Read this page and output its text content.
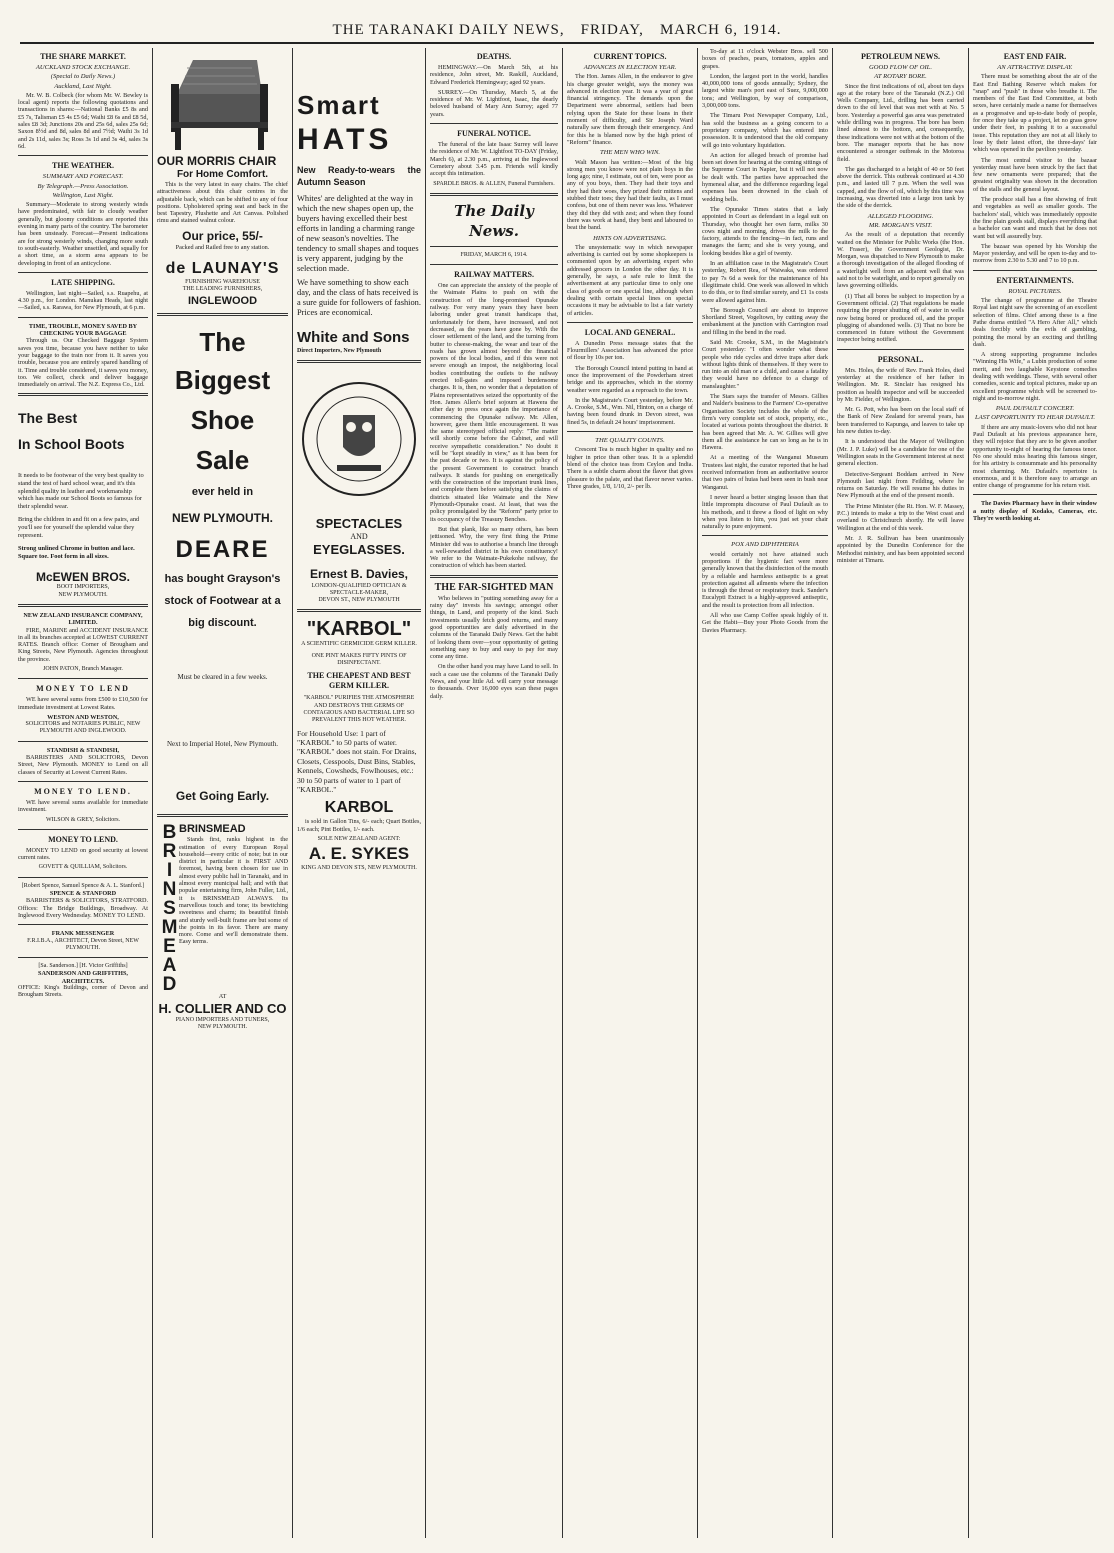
THE TARANAKI DAILY NEWS, FRIDAY, MARCH 6, 1914.
THE SHARE MARKET.
AUCKLAND STOCK EXCHANGE.
(Special to Daily News.)
Auckland, Last Night.

Mr. W. B. Colbeck (for whom Mr. W. Bewley is local agent) reports the following quotations and transactions in shares:—National Banks £5 8s and £5 7s, Talisman £5 4s £5 6d; Waihi £8 6s and £8 5d, sales £8 3d; Junctions 20s and 25s 6d, sales 25s 6d; Saxon 8½d and 8d, sales 8d and 7½d; Waihi 3s 1d and 2s 11d, sales 3s; Ross 3s 1d and 3s 4d, sales 3s 6d.

THE WEATHER.
SUMMARY AND FORECAST.
By Telegraph.—Press Association.
Wellington, Last Night.

Summary—Moderate to strong westerly winds have predominated, with fair to cloudy weather generally, but gloomy conditions are reported this evening in many parts of the country. The barometer has been unsteady. Forecast—Present indications are for strong westerly winds, changing more south to south-easterly. Weather unsettled, and squally for a short time, as a storm area appears to be developing in front of an anticyclone.

LATE SHIPPING.

Wellington, last night—Sailed, s.s. Ruapehu, at 4.30 p.m., for London. Manukau Heads, last night—Sailed, s.s. Rarawa, for New Plymouth, at 6 p.m.

TIME, TROUBLE, MONEY SAVED BY CHECKING YOUR BAGGAGE

Through us. Our Checked Baggage System saves you time, because you have neither to take your baggage to the train nor from it. It saves you trouble, because you are entirely spared handling of it. Time and trouble considered, it saves you money, too. We collect, check and deliver baggage immediately on arrival. The N.Z. Express Co., Ltd.

The Best
In School Boots

It needs to be footwear of the very best quality to stand the test of hard school wear, and it's this splendid quality in leather and workmanship which has made our School Boots so famous for their splendid wear.

Bring the children in and fit on a few pairs, and you'll see for yourself the splendid value they represent.

Strong unlined Chrome in button and lace. Square toe. Foot form in all sizes.

McEWEN BROS.
BOOT IMPORTERS,
NEW PLYMOUTH.
NEW ZEALAND INSURANCE COMPANY, LIMITED.

FIRE, MARINE and ACCIDENT INSURANCE in all its branches accepted at LOWEST CURRENT RATES. Branch office: Corner of Brougham and King Streets, New Plymouth. Agencies throughout the province.

JOHN PATON, Branch Manager.
MONEY TO LEND

WE have several sums from £500 to £10,500 for immediate investment at Lowest Rates.

WESTON AND WESTON,
SOLICITORS and NOTARIES PUBLIC, NEW PLYMOUTH AND INGLEWOOD.
STANDISH & STANDISH,

BARRISTERS AND SOLICITORS, Devon Street, New Plymouth. MONEY to Lend on all classes of Security at Lowest Current Rates.

MONEY TO LEND.

WE have several sums available for immediate investment.

WILSON & GREY, Solicitors.
MONEY TO LEND.

MONEY TO LEND on good security at lowest current rates.

GOVETT & QUILLIAM, Solicitors.
[Robert Spence, Samuel Spence & A. L. Stanford.]
SPENCE & STANFORD

BARRISTERS & SOLICITORS, STRATFORD. Offices: The Bridge Buildings, Broadway. At Inglewood Every Wednesday. MONEY TO LEND.

FRANK MESSENGER
F.R.I.B.A., ARCHITECT, Devon Street, NEW PLYMOUTH.
[Sa. Sanderson.] [H. Victor Griffiths]
SANDERSON AND GRIFFITHS, ARCHITECTS.
OFFICE: King's Buildings, corner of Devon and Brougham Streets.
OUR MORRIS CHAIR
For Home Comfort.

This is the very latest in easy chairs. The chief attractiveness about this chair centres in the adjustable back, which can be shifted to any of four positions. Upholstered spring seat and back in the best Tapestry, Plushette and Art Canvas. Polished rimu and stained walnut colour.

Our price, 55/-
Packed and Railed free to any station.
de LAUNAY'S
FURNISHING WAREHOUSE
THE LEADING FURNISHERS,
INGLEWOOD
The
Biggest
Shoe
Sale
ever held in
NEW PLYMOUTH.
DEARE
has bought Grayson's stock of Footwear at a big discount.
Must be cleared in a few weeks.
Next to Imperial Hotel, New Plymouth.
Get Going Early.
BRINSMEAD BRINSMEAD

Stands first, ranks highest in the estimation of every European Royal household—every critic of note; but in our district in particular it is FIRST AND foremost, having been chosen for use in almost every public hall in Taranaki, and in almost every municipal hall; and with that popular entertaining firm, John Fuller, Ltd., it is BRINSMEAD ALWAYS. Its marvellous touch and tone; its bewitching sweetness and charm; its beautiful finish and sturdy well-built frame are but some of the points in its favor. There are many more. Come and we'll demonstrate them. Easy terms.

AT
H. COLLIER AND CO
PIANO IMPORTERS AND TUNERS,
NEW PLYMOUTH.
Smart
HATS
New Ready-to-wears the Autumn Season

Whites' are delighted at the way in which the new shapes open up, the buyers having excelled their best efforts in landing a charming range of new season's novelties. The tendency to small shapes and toques is very apparent, judging by the selection made.

We have something to show each day, and the class of hats received is a sure guide for followers of fashion. Prices are economical.

White and Sons
Direct Importers, New Plymouth
SPECTACLES
AND
EYEGLASSES.
Ernest B. Davies,
LONDON-QUALIFIED OPTICIAN & SPECTACLE-MAKER,
DEVON ST., NEW PLYMOUTH
"KARBOL"
A SCIENTIFIC GERMICIDE GERM KILLER.
ONE PINT MAKES FIFTY PINTS OF DISINFECTANT.
THE CHEAPEST AND BEST GERM KILLER.
"KARBOL" PURIFIES THE ATMOSPHERE AND DESTROYS THE GERMS OF CONTAGIOUS AND BACTERIAL LIFE SO PREVALENT THIS HOT WEATHER.

For Household Use: 1 part of "KARBOL" to 50 parts of water. "KARBOL" does not stain. For Drains, Closets, Cesspools, Dust Bins, Stables, Kennels, Cowsheds, Fowlhouses, etc.: 30 to 50 parts of water to 1 part of "KARBOL."

KARBOL

is sold in Gallon Tins, 6/- each; Quart Bottles, 1/6 each; Pint Bottles, 1/- each.

SOLE NEW ZEALAND AGENT:
A. E. SYKES
KING AND DEVON STS, NEW PLYMOUTH.
DEATHS.

HEMINGWAY.—On March 5th, at his residence, John street, Mr. Raskill, Auckland, Edward Frederick Hemingway; aged 92 years.

SURREY.—On Thursday, March 5, at the residence of Mr. W. Lightfoot, Isaac, the dearly beloved husband of Mary Ann Surrey; aged 77 years.

FUNERAL NOTICE.

The funeral of the late Isaac Surrey will leave the residence of Mr. W. Lightfoot TO-DAY (Friday, March 6), at 2.30 p.m., arriving at the Inglewood Cemetery about 3.45 p.m. Friends will kindly accept this intimation.

SPARDLE BROS. & ALLEN, Funeral Furnishers.
The Daily News.
FRIDAY, MARCH 6, 1914.
RAILWAY MATTERS.

One can appreciate the anxiety of the people of the Waimate Plains to push on with the construction of the long-promised Opunake railway. For very many years they have been laboring under great transit handicaps that, unfortunately for them, have increased, and not decreased, as the years have gone by. With the closer settlement of the land, and the turning from butter to cheese-making, the wear and tear of the roads has grown almost beyond the financial powers of the local bodies, and if this were not severe enough an impost, the neighboring local bodies contributing the outlets to the railway erected toll-gates and imposed burdensome charges. It is, then, no wonder that a deputation of Plains representatives seized the opportunity of the Hon. James Allen's brief sojourn at Hawera the other day to press once again the importance of commencing the Opunake railway. Mr. Allen, however, gave them little encouragement. It was the same stereotyped official reply: "The matter will shortly come before the Cabinet, and will receive sympathetic consideration." No doubt it will be "kept steadily in view," as it has been for the past decade or two. It is against the policy of the present Government to construct branch railways. It stands for pushing on energetically with the construction of the important trunk lines, and complete them before satisfying the claims of districts situated like Waimate and the New Plymouth-Opunake coast. At least, that was the policy promulgated by the "Reform" party prior to its occupancy of the Treasury Benches.

But that plank, like so many others, has been jettisoned. Why, the very first thing the Prime Minister did was to authorise a branch line through a well-rewarded district in his own constituency! We refer to the Waimate-Pukekohe railway, the construction of which has been started.

THE FAR-SIGHTED MAN

Who believes in "putting something away for a rainy day" invests his savings; amongst other things, in Land, and property of the kind. Such investments usually fetch good returns, and many good opportunities are daily advertised in the columns of the Taranaki Daily News. Get the habit of looking them over—your opportunity of getting something easy to buy and easy to pay for may come any time.

On the other hand you may have Land to sell. In such a case use the columns of the Taranaki Daily News, and your little Ad. will carry your message to thousands. Over 16,000 eyes scan these pages daily.

CURRENT TOPICS.
ADVANCES IN ELECTION YEAR.

The Hon. James Allen, in the endeavor to give his charge greater weight, says the money was advanced in election year. It was a year of great financial stringency. The demands upon the Department were abnormal, settlers had been relying upon the State for these loans in their moment of difficulty, and Sir Joseph Ward naturally saw them through their emergency. And for this he is blamed now by the high priest of "Reform" finance.

THE MEN WHO WIN.

Walt Mason has written:—Most of the big strong men you know were not plain boys in the long ago; nine, I estimate, out of ten, were poor as any of you boys, then. They had their toys and they had their woes, they prized their mittens and stubbed their toes; they had their faults, as I must confess, but one of them never was less. Whatever they did they did with zest; and when they found there was work at hand, they bent and laboured to beat the band.

HINTS ON ADVERTISING.

The unsystematic way in which newspaper advertising is carried out by some shopkeepers is commented upon by an advertising expert who addressed grocers in London the other day. It is generally, he says, a safe rule to limit the advertisement at any particular time to only one class of goods or one special line, although when dealing with certain special lines on special occasions it may be advisable to list a fair variety of articles.

LOCAL AND GENERAL.

A Dunedin Press message states that the Flourmillers' Association has advanced the price of flour by 10s per ton.

The Borough Council intend putting in hand at once the improvement of the Powderham street bridge and its approaches, which in the stormy weather were regarded as a reproach to the town.

In the Magistrate's Court yesterday, before Mr. A. Crooke, S.M., Wm. Nil, Hinton, on a charge of having been found drunk in Devon street, was fined 5s, in default 24 hours' imprisonment.

THE QUALITY COUNTS.

Crescent Tea is much higher in quality and no higher in price than other teas. It is a splendid blend of the choice teas from Ceylon and India. There is a subtle charm about the flavor that gives pleasure to the palate, and that flavor never varies. Three grades, 1/8, 1/10, 2/- per lb.

To-day at 11 o'clock Webster Bros. sell 500 boxes of peaches, pears, tomatoes, apples and grapes.

London, the largest port in the world, handles 40,000,000 tons of goods annually; Sydney, the largest white man's port east of Suez, 9,000,000 tons; and Wellington, by way of comparison, 3,000,000 tons.

The Timaru Post Newspaper Company, Ltd., has sold the business as a going concern to a proprietary company, which has entered into possession. It is understood that the old company will go into voluntary liquidation.

An action for alleged breach of promise had been set down for hearing at the coming sittings of the Supreme Court in Napier, but it will not now be dealt with. The parties have approached the hymeneal altar, and the difference regarding legal expenses has been drowned in the clash of wedding bells.

The Opunake Times states that a lady appointed in Court as defendant in a legal suit on Thursday, who thought her own farm, milks 30 cows night and morning, drives the milk to the factory, attends to the fencing—in fact, runs and manages the farm; and she is very young, and looking besides like a girl of twenty.

In an affiliation case in the Magistrate's Court yesterday, Robert Rea, of Waiwaka, was ordered to pay 7s 6d a week for the maintenance of his illegitimate child. One week was allowed in which to do this, or to find similar surety, and £1 1s costs were allowed against him.

The Borough Council are about to improve Shortland Street, Vogeltown, by cutting away the embankment at the junction with Carrington road and filling in the bend in the road.

Said Mr. Crooke, S.M., in the Magistrate's Court yesterday: "I often wonder what these people who ride cycles and drive traps after dark without lights think of themselves. If they were to run into an old man or a child, and cause a fatality they would have no defence to a charge of manslaughter."

The Stars says the transfer of Messrs. Gillies and Nalder's business to the Farmers' Co-operative Organisation Society includes the whole of the firm's very complete set of stock, property, etc., located at various points throughout the district. It has been agreed that Mr. A. W. Gillies will give them all the assistance he can so long as he is in Hawera.

At a meeting of the Wanganui Museum Trustees last night, the curator reported that he had received information from an authoritative source that two pairs of huias had been seen in bush near Wanganui.

I never heard a better singing lesson than that little impromptu discourse of Paul Dufault as to his methods, and it threw a flood of light on why when you listen to him, you just set your chair naturally to pure enjoyment.

POX AND DIPHTHERIA

would certainly not have attained such proportions if the hygienic fact were more generally known that the disinfection of the mouth by a reliable and harmless antiseptic is a great protection against all ailments where the infection is through the throat or respiratory track. Sander's Eucalypti Extract is a highly-approved antiseptic, and the result is protection from all infection.

All who use Camp Coffee speak highly of it. Get the Habit—Buy your Photo Goods from the Davies Pharmacy.

PETROLEUM NEWS.
GOOD FLOW OF OIL.
AT ROTARY BORE.

Since the first indications of oil, about ten days ago at the rotary bore of the Taranaki (N.Z.) Oil Wells Company, Ltd., drilling has been carried down to the oil level that was met with at No. 5 bore. Yesterday a powerful gas area was penetrated while drilling was in progress. The bore has been lined almost to the bottom, and, consequently, these indications were not with at the bottom of the bore. The manager reports that he has now encountered a stronger outbreak in the Motoroa field.

The gas discharged to a height of 40 or 50 feet above the derrick. This outbreak continued at 4.30 p.m., and lasted till 7 p.m. When the well was capped, and the flow of oil, which by this time was increasing, was diverted into a large iron tank by the side of the derrick.

ALLEGED FLOODING.
MR. MORGAN'S VISIT.

As the result of a deputation that recently waited on the Minister for Public Works (the Hon. W. Fraser), the Government Geologist, Dr. Morgan, was dispatched to New Plymouth to make a thorough investigation of the alleged flooding of a waterlight well from an adjacent well that was said not to be waterlight, and to report generally on laws governing oilfields.

(1) That all bores be subject to inspection by a Government official. (2) That regulations be made requiring the proper shutting off of water in wells now being bored or produced oil, and the proper plugging of abandoned wells. (3) That no bore be commenced in future without the Government inspector being notified.

PERSONAL.

Mrs. Holes, the wife of Rev. Frank Holes, died yesterday at the residence of her father in Wellington. Mr. R. Sinclair has resigned his position as health inspector and will be succeeded by Mr. Fielder, of Wellington.

Mr. G. Pott, who has been on the local staff of the Bank of New Zealand for several years, has been transferred to Kapunga, and leaves to take up his new duties to-day.

It is understood that the Mayor of Wellington (Mr. J. P. Luke) will be a candidate for one of the Wellington seats in the Government interest at next general election.

Detective-Sergeant Boddam arrived in New Plymouth last night from Feilding, where he returns on Saturday. He will resume his duties in New Plymouth at the end of the present month.

The Prime Minister (the Rt. Hon. W. F. Massey, P.C.) intends to make a trip to the West coast and overland to Christchurch shortly. He will leave Wellington at the end of this week.

Mr. J. R. Sullivan has been unanimously appointed by the Dunedin Conference for the Methodist ministry, and has been appointed second minister at Timaru.

EAST END FAIR.
AN ATTRACTIVE DISPLAY.

There must be something about the air of the East End Bathing Reserve which makes for "snap" and "push" in those who breathe it. The members of the East End Committee, at both sexes, have certainly made a name for themselves as a progressive and up-to-date body of people, for once they take up a project, let no grass grow under their feet, in pushing it to a successful issue. This reputation they are not at all likely to lose by their latest effort, the three-days' fair which was opened in the pavilion yesterday.

The most central visitor to the bazaar yesterday must have been struck by the fact that few new ornaments were prepared; that the greatest originality was shown in the decoration of the stalls and the general layout.

The produce stall has a fine showing of fruit and vegetables as well as smaller goods. The bachelors' stall, which was immediately opposite the fine plain goods stall, displays everything that a bachelor can want and much that he does not want but will assuredly buy.

The bazaar was opened by his Worship the Mayor yesterday, and will be open to-day and to-morrow from 2.30 to 5.30 and 7 to 10 p.m.

ENTERTAINMENTS.
ROYAL PICTURES.

The change of programme at the Theatre Royal last night saw the screening of an excellent selection of films. Chief among these is a fine Pathe drama entitled "A Hero After All," which deals forcibly with the evils of gambling, pointing the moral by an exciting and thrilling dash.

A strong supporting programme includes "Winning His Wife," a Lubin production of some merit, and two laughable Keystone comedies dealing with weddings. These, with several other comedies, scenic and topical pictures, make up an excellent programme which will be screened to-night and to-morrow night.

PAUL DUFAULT CONCERT.
LAST OPPORTUNITY TO HEAR DUFAULT.

If there are any music-lovers who did not hear Paul Dufault at his previous appearance here, they will rejoice that they are to be given another opportunity to-night of hearing the famous tenor. No one should miss hearing this famous singer, for his artistry is consummate and his personality most charming. Mr. Dufault's repertoire is enormous, and it is therefore easy to arrange an entire change of programme for his return visit.

The Davies Pharmacy have in their window a nutty display of Kodaks, Cameras, etc. They're worth looking at.
